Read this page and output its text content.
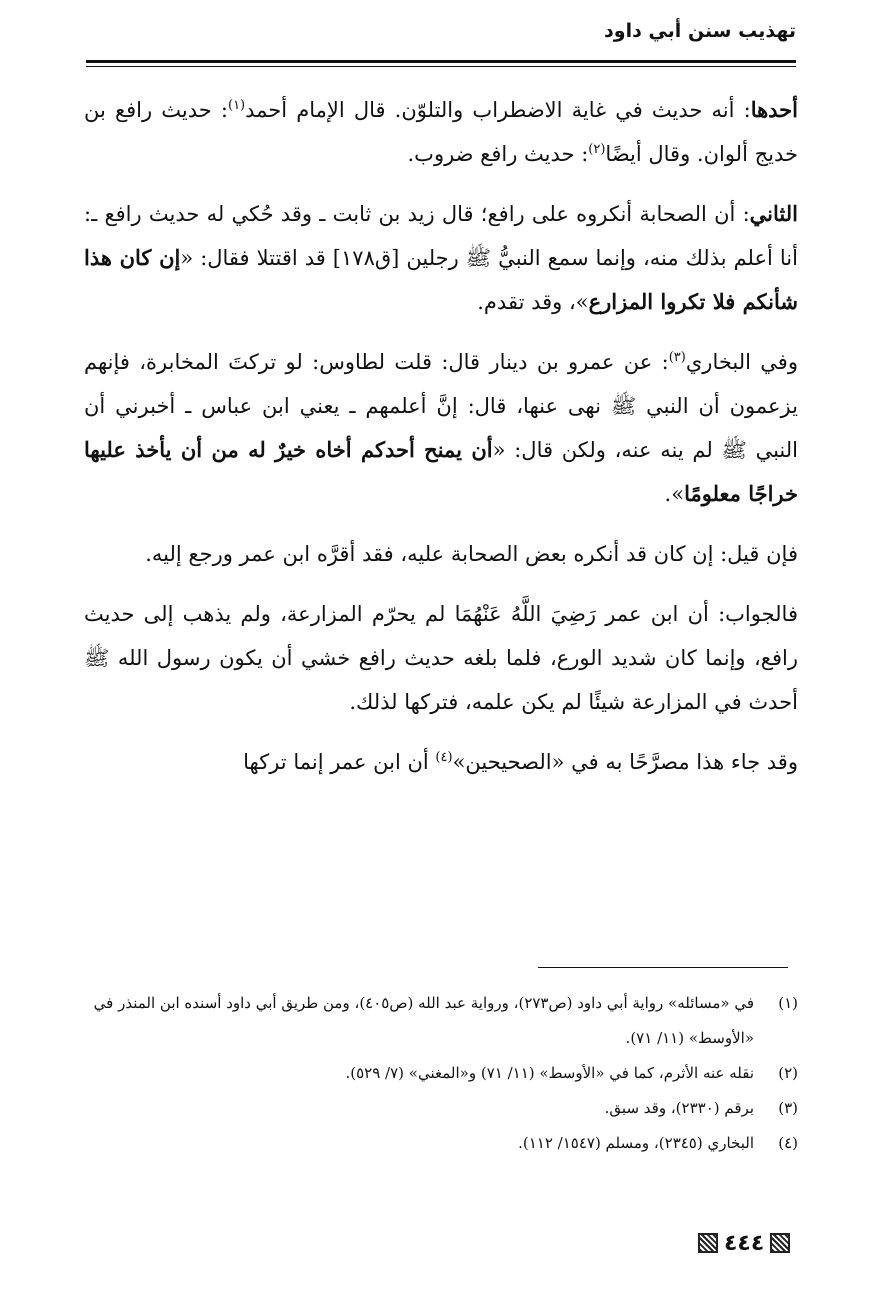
تهذيب سنن أبي داود

أحدها: أنه حديث في غاية الاضطراب والتلوّن. قال الإمام أحمد$^{(١)}$: حديث رافع بن خديج ألوان. وقال أيضًا$^{(٢)}$: حديث رافع ضروب.

الثاني: أن الصحابة أنكروه على رافع؛ قال زيد بن ثابت ـ وقد حُكي له حديث رافع ـ: أنا أعلم بذلك منه، وإنما سمع النبيُّ ﷺ رجلين [ق١٧٨] قد اقتتلا فقال: «إن كان هذا شأنكم فلا تكروا المزارع»، وقد تقدم.

وفي البخاري$^{(٣)}$: عن عمرو بن دينار قال: قلت لطاوس: لو تركتَ المخابرة، فإنهم يزعمون أن النبي ﷺ نهى عنها، قال: إنَّ أعلمهم ـ يعني ابن عباس ـ أخبرني أن النبي ﷺ لم ينه عنه، ولكن قال: «أن يمنح أحدكم أخاه خيرٌ له من أن يأخذ عليها خراجًا معلومًا».

فإن قيل: إن كان قد أنكره بعض الصحابة عليه، فقد أقرَّه ابن عمر ورجع إليه.

فالجواب: أن ابن عمر رَضِيَ اللَّهُ عَنْهُمَا لم يحرّم المزارعة، ولم يذهب إلى حديث رافع، وإنما كان شديد الورع، فلما بلغه حديث رافع خشي أن يكون رسول الله ﷺ أحدث في المزارعة شيئًا لم يكن علمه، فتركها لذلك.

وقد جاء هذا مصرَّحًا به في «الصحيحين»$^{(٤)}$ أن ابن عمر إنما تركها

(١)في «مسائله» رواية أبي داود (ص٢٧٣)، ورواية عبد الله (ص٤٠٥)، ومن طريق أبي داود أسنده ابن المنذر في «الأوسط» (١١/ ٧١).

(٢)نقله عنه الأثرم، كما في «الأوسط» (١١/ ٧١) و«المغني» (٧/ ٥٢٩).

(٣)برقم (٢٣٣٠)، وقد سبق.

(٤)البخاري (٢٣٤٥)، ومسلم (١٥٤٧/ ١١٢).

٤٤٤
